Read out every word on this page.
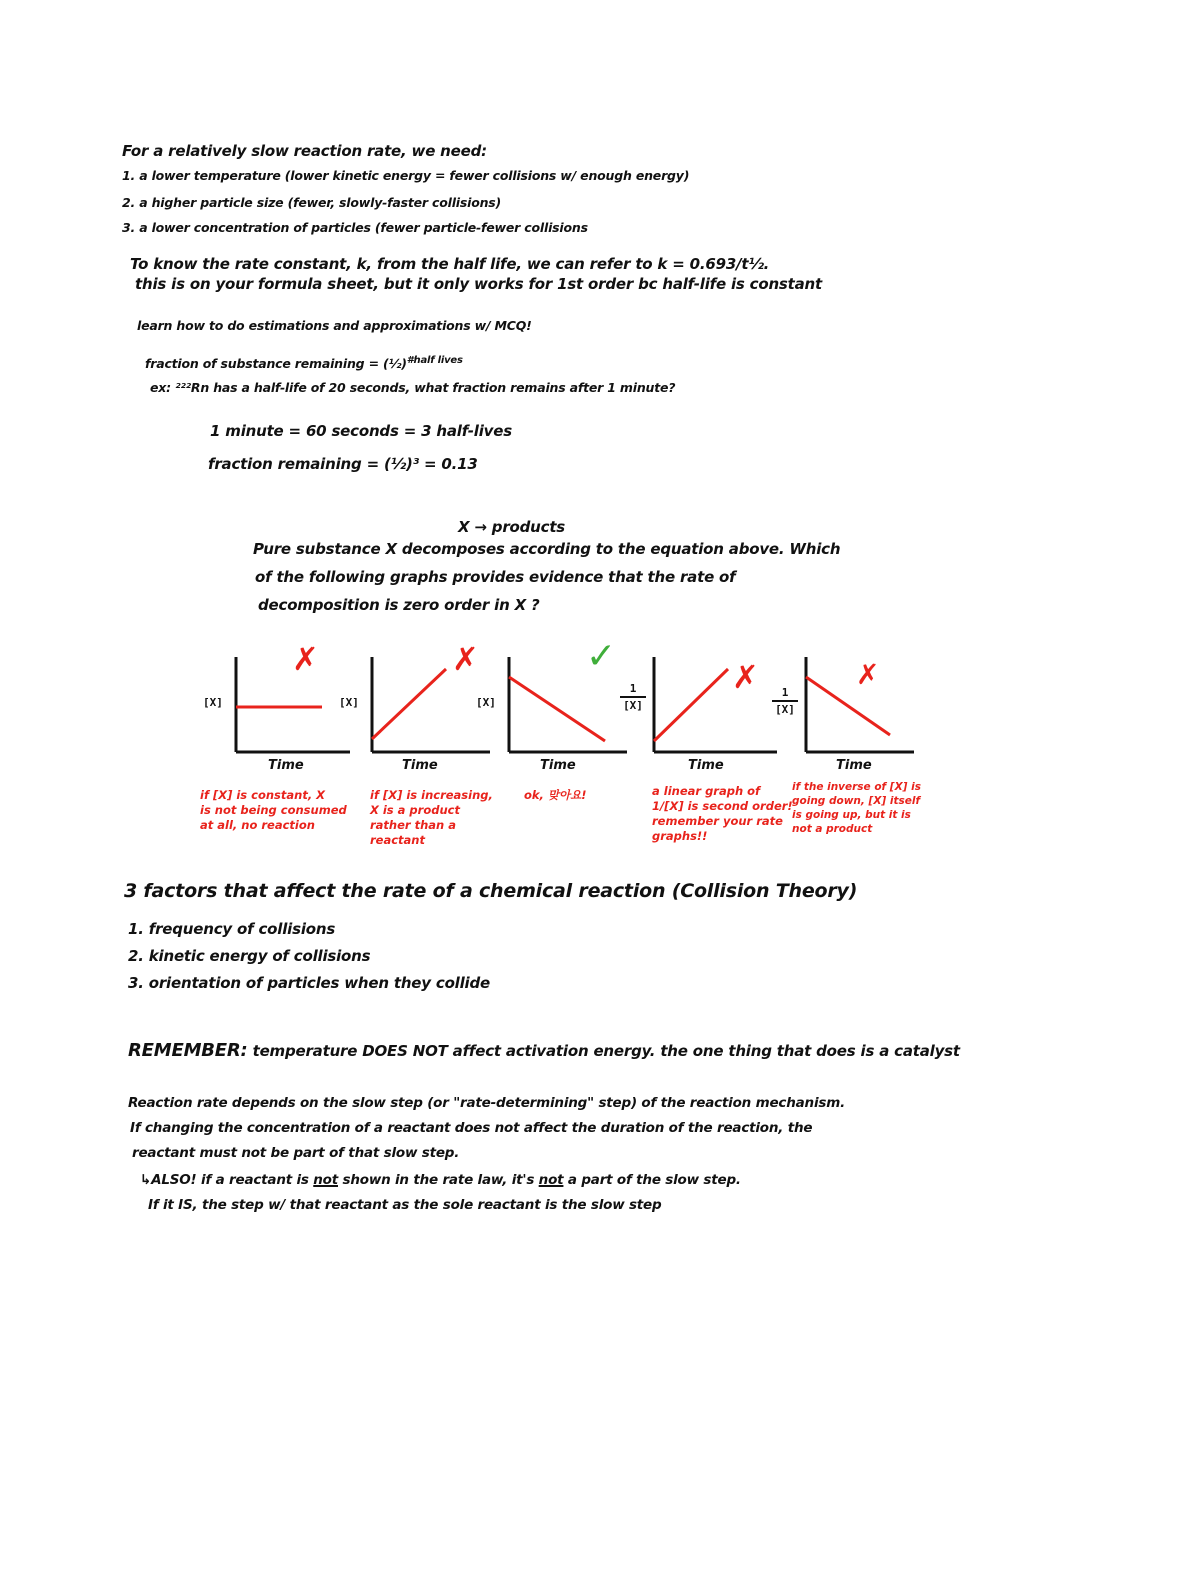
For a relatively slow reaction rate, we need:
1. a lower temperature (lower kinetic energy = fewer collisions w/ enough energy)
2. a higher particle size (fewer, slowly-faster collisions)
3. a lower concentration of particles (fewer particle-fewer collisions
To know the rate constant, k, from the half life, we can refer to k = 0.693/t½.
this is on your formula sheet, but it only works for 1st order bc half-life is constant
learn how to do estimations and approximations w/ MCQ!
fraction of substance remaining = (½)$^{\#half lives}$
ex: ²²²Rn has a half-life of 20 seconds, what fraction remains after 1 minute?
1 minute = 60 seconds = 3 half-lives
fraction remaining = (½)³ = 0.13
X → products
Pure substance X decomposes according to the equation above. Which
of the following graphs provides evidence that the rate of
decomposition is zero order in X ?
[X]
Time
✗
if [X] is constant, X
is not being consumed
at all, no reaction
[X]
Time
✗
if [X] is increasing,
X is a product
rather than a
reactant
[X]
Time
✓
ok, 맞아요!
1
[X]
Time
✗
a linear graph of
1/[X] is second order!
remember your rate
graphs!!
1
[X]
Time
✗
if the inverse of [X] is
going down, [X] itself
is going up, but it is
not a product
3 factors that affect the rate of a chemical reaction (Collision Theory)
1. frequency of collisions
2. kinetic energy of collisions
3. orientation of particles when they collide
REMEMBER: temperature DOES NOT affect activation energy. the one thing that does is a catalyst
Reaction rate depends on the slow step (or "rate-determining" step) of the reaction mechanism.
If changing the concentration of a reactant does not affect the duration of the reaction, the
reactant must not be part of that slow step.
↳ALSO! if a reactant is not shown in the rate law, it's not a part of the slow step.
If it IS, the step w/ that reactant as the sole reactant is the slow step
